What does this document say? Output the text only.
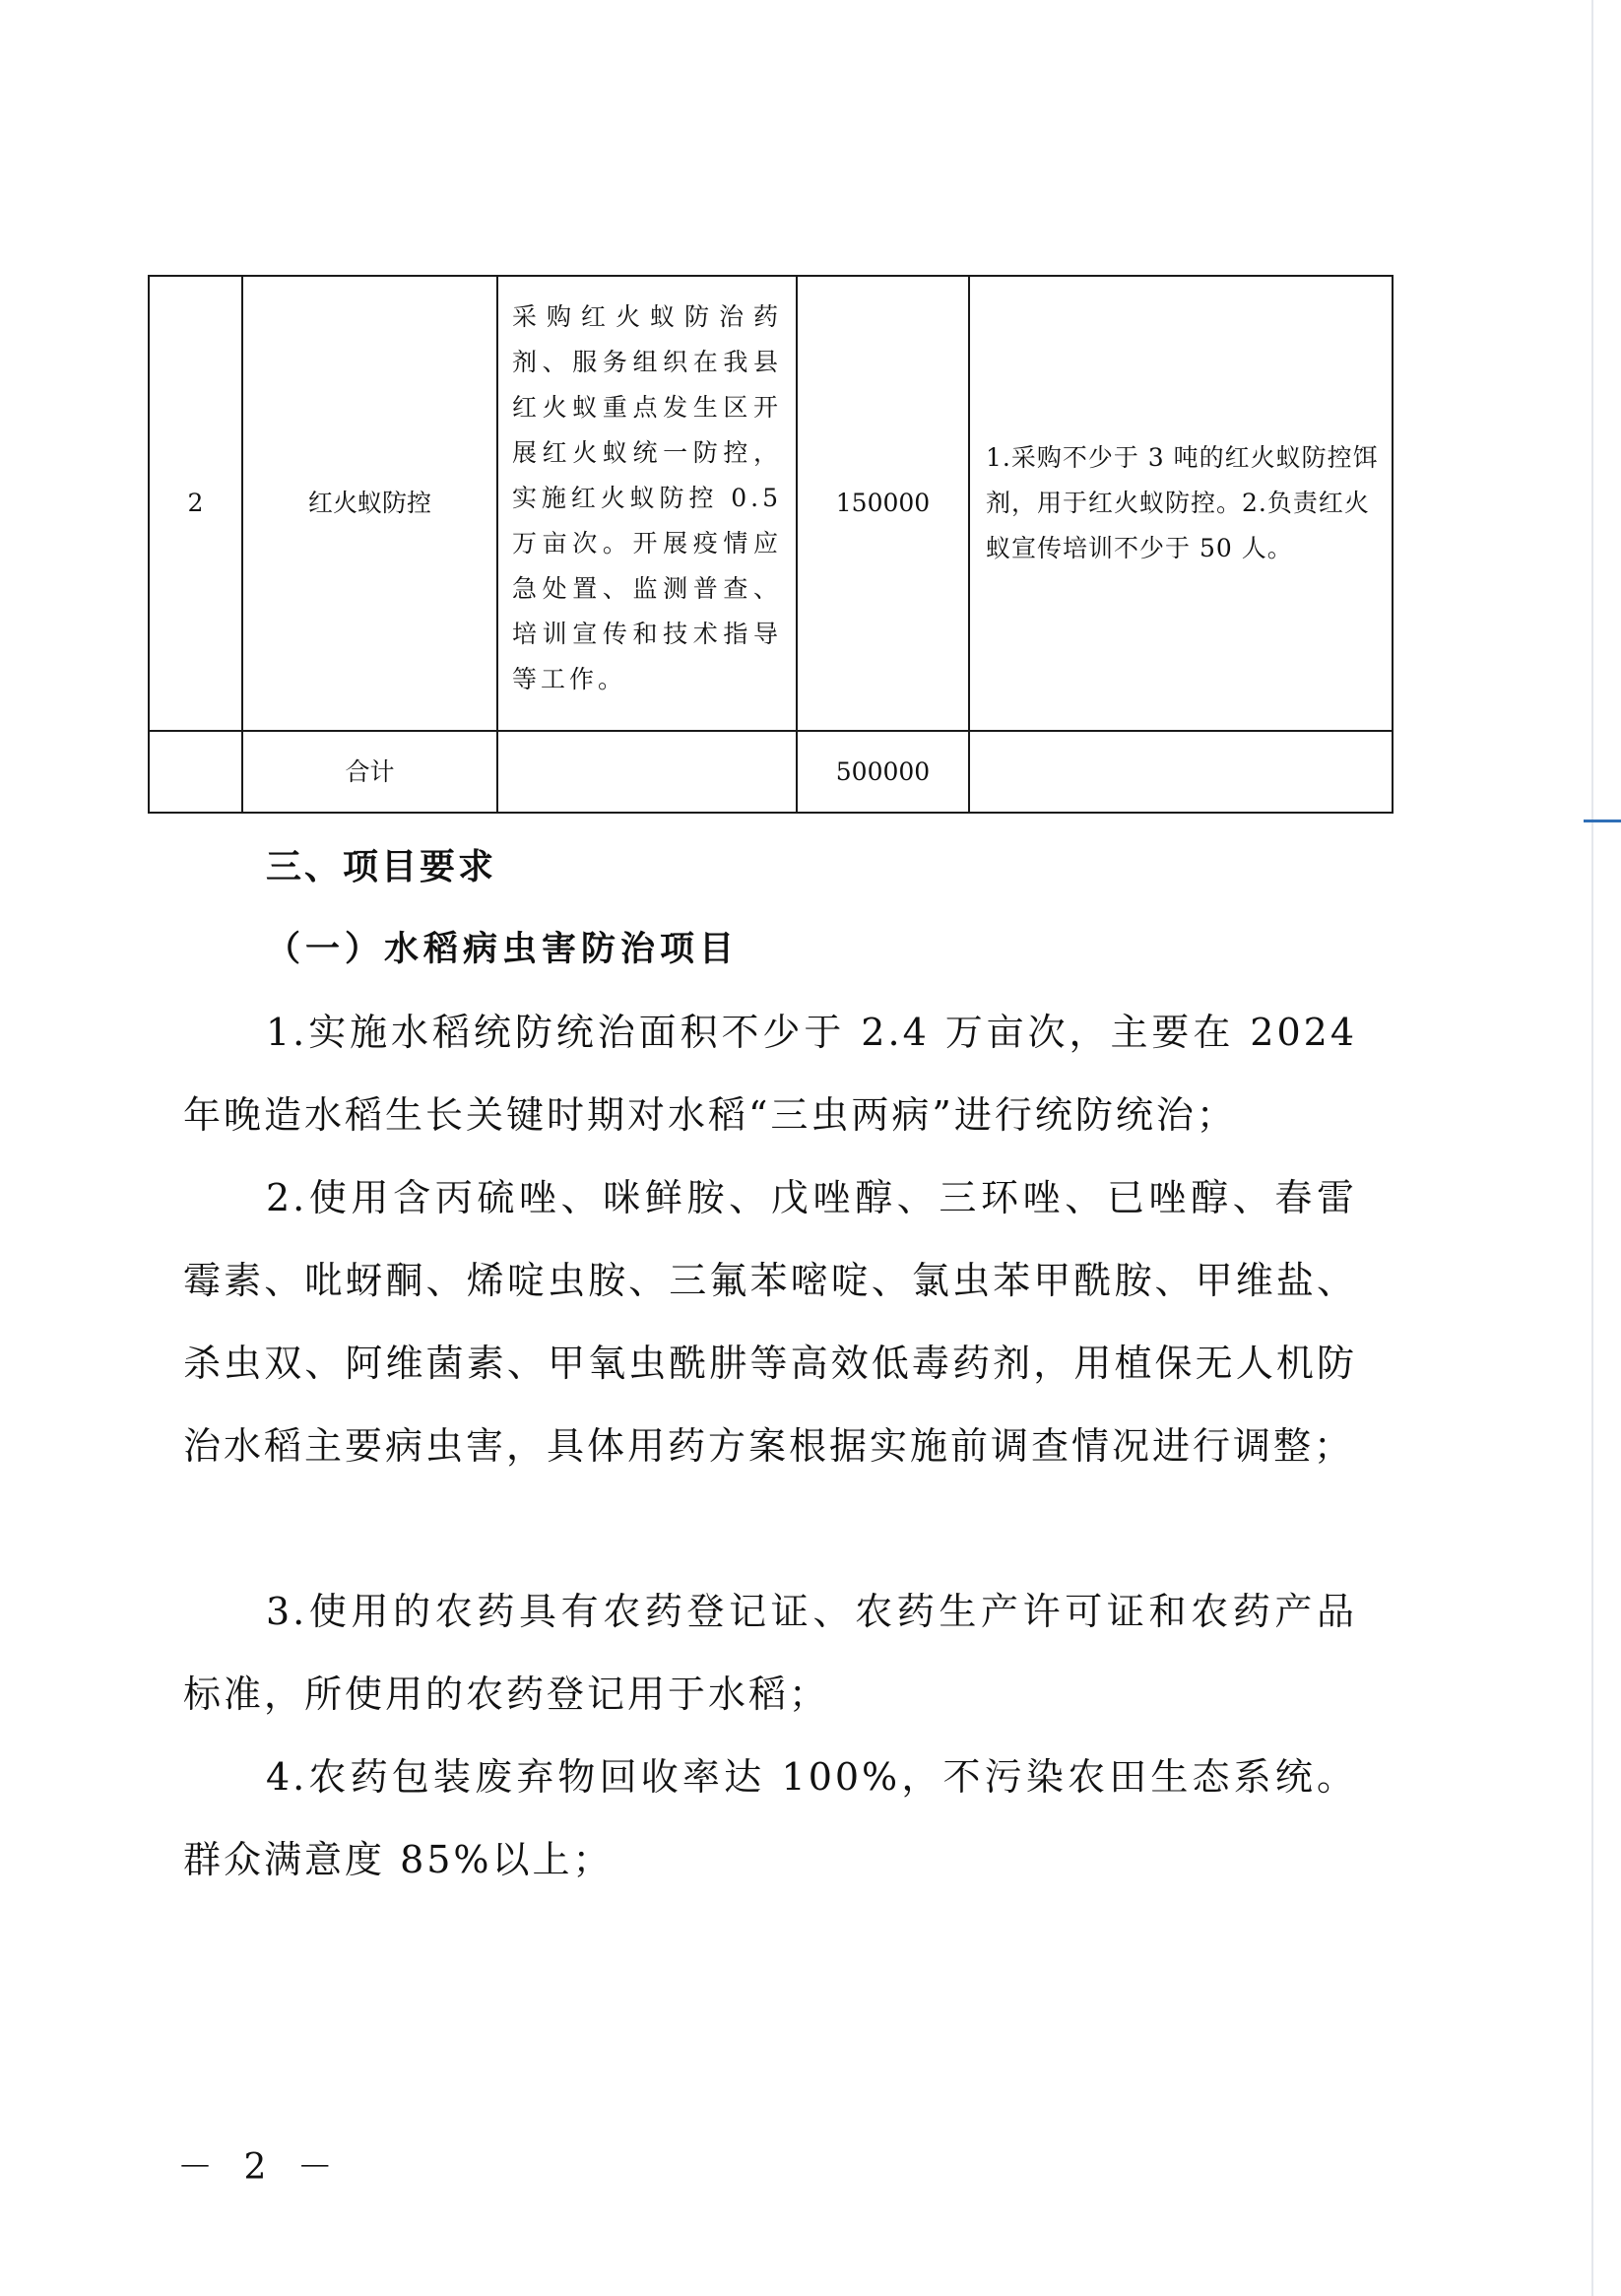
2	红火蚁防控	采购红火蚁防治药剂、服务组织在我县红火蚁重点发生区开展红火蚁统一防控，实施红火蚁防控 0.5 万亩次。开展疫情应急处置、监测普查、培训宣传和技术指导等工作。	150000	1.采购不少于 3 吨的红火蚁防控饵剂，用于红火蚁防控。2.负责红火蚁宣传培训不少于 50 人。
	合计		500000	
三、项目要求
（一）水稻病虫害防治项目

1.实施水稻统防统治面积不少于 2.4 万亩次，主要在 2024 年晚造水稻生长关键时期对水稻“三虫两病”进行统防统治；

2.使用含丙硫唑、咪鲜胺、戊唑醇、三环唑、已唑醇、春雷霉素、吡蚜酮、烯啶虫胺、三氟苯嘧啶、氯虫苯甲酰胺、甲维盐、杀虫双、阿维菌素、甲氧虫酰肼等高效低毒药剂，用植保无人机防治水稻主要病虫害，具体用药方案根据实施前调查情况进行调整；

3.使用的农药具有农药登记证、农药生产许可证和农药产品标准，所使用的农药登记用于水稻；

4.农药包装废弃物回收率达 100%，不污染农田生态系统。群众满意度 85%以上；

－ 2 －
